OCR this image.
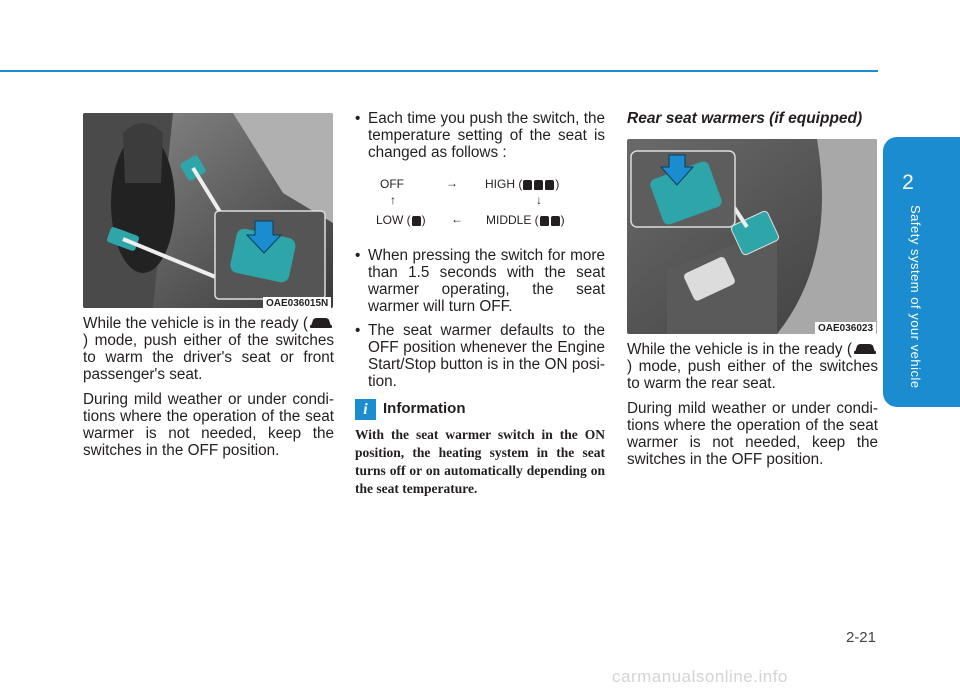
2
Safety system of your vehicle
OAE036015N

While the vehicle is in the ready () mode, push either of the switches to warm the driver's seat or front passenger's seat.

During mild weather or under condi-tions where the operation of the seat warmer is not needed, keep the switches in the OFF position.

• Each time you push the switch, the temperature setting of the seat is changed as follows :
OFF	→ HIGH (	)
↑	↓
LOW ( ) ← MIDDLE ( )
• When pressing the switch for more than 1.5 seconds with the seat warmer operating, the seat warmer will turn OFF.
• The seat warmer defaults to the OFF position whenever the Engine Start/Stop button is in the ON posi-tion.
i	Information
With the seat warmer switch in the ON position, the heating system in the seat turns off or on automatically depending on the seat temperature.
Rear seat warmers (if equipped)
OAE036023

While the vehicle is in the ready () mode, push either of the switches to warm the rear seat.

During mild weather or under condi-tions where the operation of the seat warmer is not needed, keep the switches in the OFF position.

2-21
carmanualsonline.info
